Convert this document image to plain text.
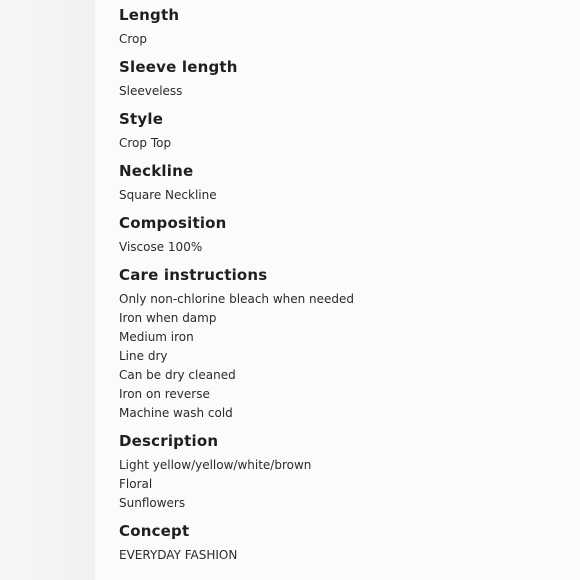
Length
Crop
Sleeve length
Sleeveless
Style
Crop Top
Neckline
Square Neckline
Composition
Viscose 100%
Care instructions
Only non-chlorine bleach when needed
Iron when damp
Medium iron
Line dry
Can be dry cleaned
Iron on reverse
Machine wash cold
Description
Light yellow/yellow/white/brown
Floral
Sunflowers
Concept
EVERYDAY FASHION
